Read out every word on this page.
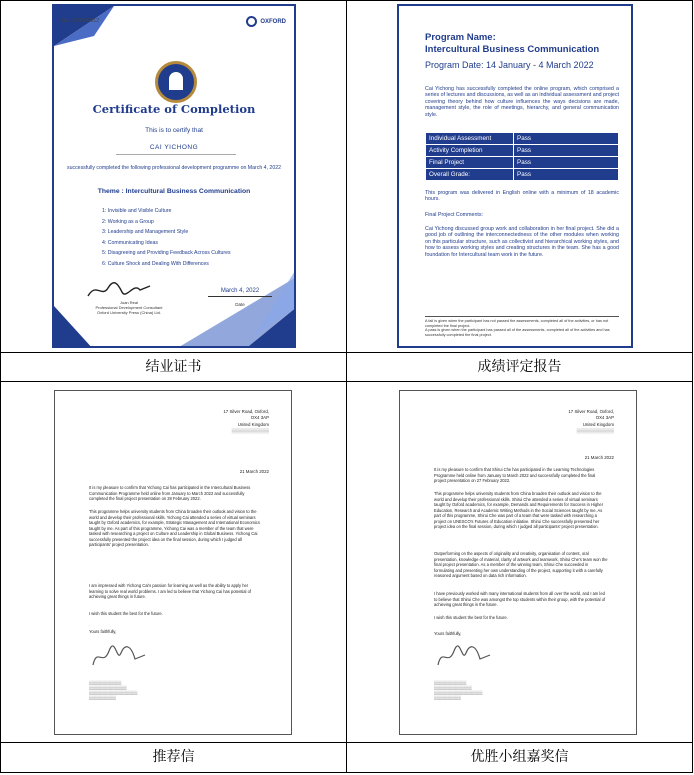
结业证书	成绩评定报告
推荐信	优胜小组嘉奖信
No. 2320000012	OXFORD
Certificate of Completion
This is to certify that
CAI YICHONG
successfully completed the following professional development programme on March 4, 2022
Theme : Intercultural Business Communication
1: Invisible and Visible Culture
2: Working as a Group
3: Leadership and Management Style
4: Communicating Ideas
5: Disagreeing and Providing Feedback Across Cultures
6: Culture Shock and Dealing With Differences
Juan Real
Professional Development Consultant
Oxford University Press (China) Ltd.
March 4, 2022
Date
Program Name:
Intercultural Business Communication
Program Date: 14 January - 4 March 2022
Cai Yichong has successfully completed the online program, which comprised a series of lectures and discussions, as well as an individual assessment and project covering theory behind how culture influences the ways decisions are made, management style, the role of meetings, hierarchy, and general communication style.
Individual Assessment	Pass
Activity Completion	Pass
Final Project	Pass
Overall Grade:	Pass
This program was delivered in English online with a minimum of 18 academic hours.
Final Project Comments:
Cai Yichong discussed group work and collaboration in her final project. She did a good job of outlining the interconnectedness of the other modules when working on this particular structure, such as collectivist and hierarchical working styles, and how to assess working styles and creating structures in the team. She has a good foundation for Intercultural team work in the future.
A fail is given when the participant has not passed the assessments, completed all of the activities, or has not completed the final project.
A pass is given when the participant has passed all of the assessments, completed all of the activities and has successfully completed the final project.
17 Silver Road, Oxford,
OX4 3AP
United Kingdom
▒▒▒▒▒▒▒▒▒▒▒▒
21 March 2022
It is my pleasure to confirm that Yichong Cai has participated in the Intercultural Business Communication Programme held online from January to March 2022 and successfully completed the final project presentation on 28 February 2022.
This programme helps university students from China broaden their outlook and vision to the world and develop their professional skills. Yichong Cai attended a series of virtual seminars taught by Oxford academics, for example, Strategic Management and International Economics taught by me. As part of this programme, Yichong Cai was a member of the team that were tasked with researching a project on Culture and Leadership in Global Business. Yichong Cai successfully presented the project idea on the final session, during which I judged all participants' project presentation.
I am impressed with Yichong Cai's passion for learning as well as the ability to apply her learning to solve real world problems. I am led to believe that Yichong Cai has potential of achieving great things in future.
I wish this student the best for the future.
Yours faithfully,
▒▒▒▒▒▒▒▒▒▒▒▒
▒▒▒▒▒▒▒▒▒▒▒▒▒▒
▒▒▒▒▒▒▒▒▒▒▒▒▒▒▒▒▒▒
▒▒▒▒▒▒▒▒▒▒
17 Silver Road, Oxford,
OX4 3AP
United Kingdom
▒▒▒▒▒▒▒▒▒▒▒▒
21 March 2022
It is my pleasure to confirm that Shirui Che has participated in the Learning Technologies Programme held online from January to March 2022 and successfully completed the final project presentation on 27 February 2022.
This programme helps university students from China broaden their outlook and vision to the world and develop their professional skills. Shirui Che attended a series of virtual seminars taught by Oxford academics, for example, Demands and Requirements for Success in Higher Education, Research and Academic Writing Methods in the Social Sciences taught by me. As part of this programme, Shirui Che was part of a team that were tasked with researching a project on UNESCO's Futures of Education initiative. Shirui Che successfully presented her project idea on the final session, during which I judged all participants' project presentation.
Outperforming on the aspects of originality and creativity, organisation of content, oral presentation, knowledge of material, clarity of artwork and teamwork, Shirui Che's team won the final project presentation. As a member of the winning team, Shirui Che succeeded in formulating and presenting her own understanding of the project, supporting it with a carefully reasoned argument based on data rich information.
I have previously worked with many international students from all over the world, and I am led to believe that Shirui Che was amongst the top students within their group, with the potential of achieving great things in the future.
I wish this student the best for the future.
Yours faithfully,
▒▒▒▒▒▒▒▒▒▒▒▒
▒▒▒▒▒▒▒▒▒▒▒▒▒▒
▒▒▒▒▒▒▒▒▒▒▒▒▒▒▒▒▒▒
▒▒▒▒▒▒▒▒▒▒
